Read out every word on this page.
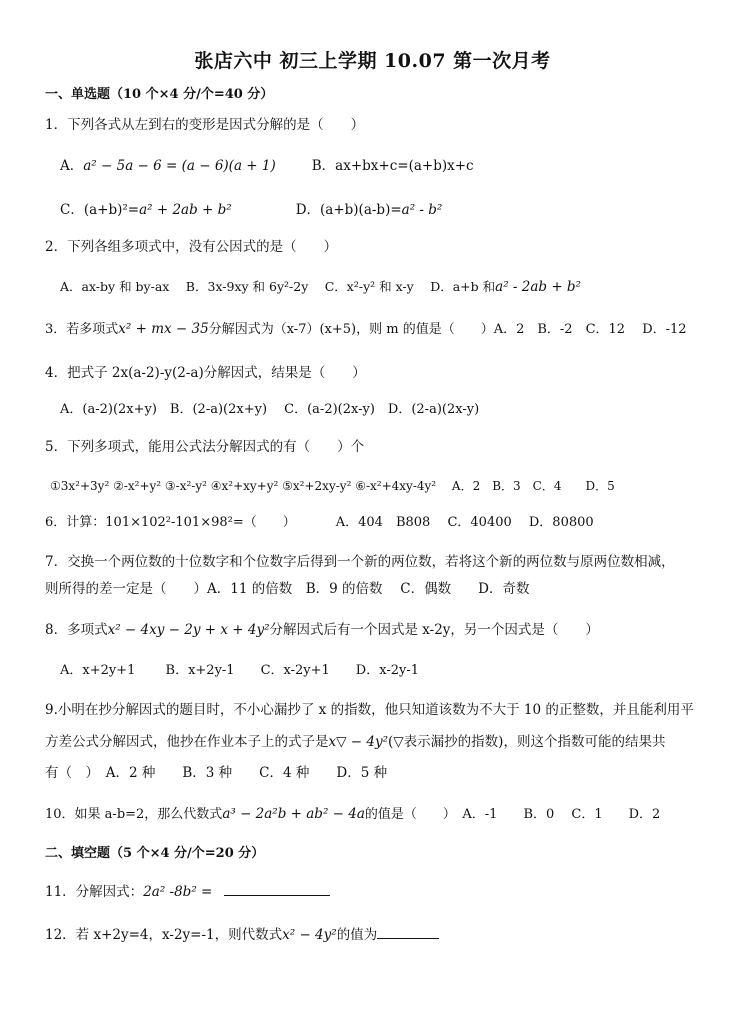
张店六中 初三上学期 10.07 第一次月考
一、单选题（10 个×4 分/个=40 分）
1．下列各式从左到右的变形是因式分解的是（　　）
A．a² − 5a − 6 = (a − 6)(a + 1)	B．ax+bx+c=(a+b)x+c
C．(a+b)²=a² + 2ab + b²	D．(a+b)(a-b)=a² - b²
2．下列各组多项式中，没有公因式的是（　　）
A．ax-by 和 by-ax　 B．3x-9xy 和 6y²-2y　 C．x²-y² 和 x-y　 D．a+b 和a² - 2ab + b²
3．若多项式x² + mx − 35分解因式为（x-7）(x+5)，则 m 的值是（　　）A．2　B．-2　C．12　 D．-12
4．把式子 2x(a-2)-y(2-a)分解因式，结果是（　　）
A．(a-2)(2x+y)　B．(2-a)(2x+y)　 C．(a-2)(2x-y)　D．(2-a)(2x-y)
5．下列多项式，能用公式法分解因式的有（　　）个
①3x²+3y² ②-x²+y² ③-x²-y² ④x²+xy+y² ⑤x²+2xy-y² ⑥-x²+4xy-4y²　 A．2　B．3　C．4　　D．5
6．计算：101×102²-101×98²=（　　）	A．404　B808　 C．40400　 D．80800
7．交换一个两位数的十位数字和个位数字后得到一个新的两位数，若将这个新的两位数与原两位数相减，
则所得的差一定是（　　）A．11 的倍数　B．9 的倍数　 C．偶数　　D．奇数
8．多项式x² − 4xy − 2y + x + 4y²分解因式后有一个因式是 x-2y，另一个因式是（　　）
A．x+2y+1　　 B．x+2y-1　　C．x-2y+1　　D．x-2y-1
9.小明在抄分解因式的题目时，不小心漏抄了 x 的指数，他只知道该数为不大于 10 的正整数，并且能利用平
方差公式分解因式，他抄在作业本子上的式子是x▽ − 4y²(▽表示漏抄的指数)，则这个指数可能的结果共
有（　）　A．2 种　　B．3 种　　C．4 种　　D．5 种
10．如果 a-b=2，那么代数式a³ − 2a²b + ab² − 4a的值是（　　）　A．-1　　B．0　 C．1　　D．2
二、填空题（5 个×4 分/个=20 分）
11．分解因式：2a² -8b² =
12．若 x+2y=4，x-2y=-1，则代数式x² − 4y²的值为
